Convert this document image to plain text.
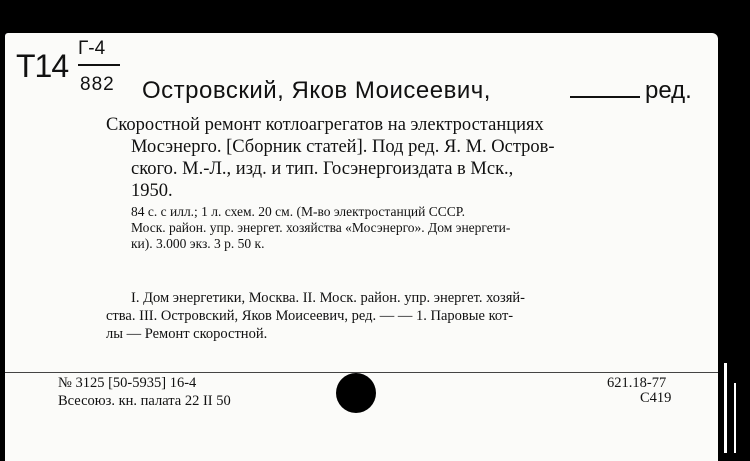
T14 Г-4
882 Островский, Яков Моисеевич,	ред.
Скоростной ремонт котлоагрегатов на электростанциях
Мосэнерго. [Сборник статей]. Под ред. Я. М. Остров-
ского. М.-Л., изд. и тип. Госэнергоиздата в Мск.,
1950.
84 с. с илл.; 1 л. схем. 20 см. (М-во электростанций СССР.
Моск. район. упр. энергет. хозяйства «Мосэнерго». Дом энергети-
ки). 3.000 экз. 3 р. 50 к.
I. Дом энергетики, Москва. II. Моск. район. упр. энергет. хозяй-
ства. III. Островский, Яков Моисеевич, ред. — — 1. Паровые кот-
лы — Ремонт скоростной.
№ 3125 [50-5935] 16-4
Всесоюз. кн. палата 22 II 50
621.18-77
С419
